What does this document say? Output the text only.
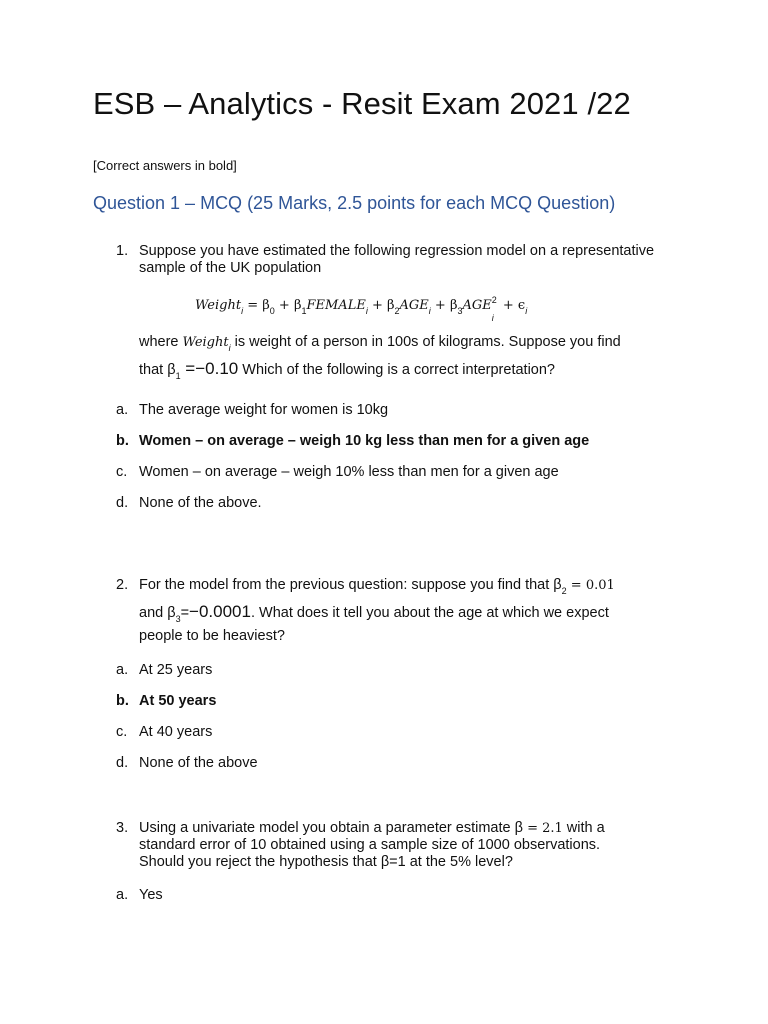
ESB – Analytics - Resit Exam 2021 /22
[Correct answers in bold]
Question 1 – MCQ (25 Marks, 2.5 points for each MCQ Question)
1. Suppose you have estimated the following regression model on a representative sample of the UK population
Weight$_i$ = $\beta_0$ + $\beta_1FEMALE_i + \beta_2AGE_i + \beta_3AGE$ 2
i
+ $\epsilon_i$
where Weight$_i$ is weight of a person in 100s of kilograms. Suppose you find
that $\beta_1 =-0.10$ Which of the following is a correct interpretation?
a. The average weight for women is 10kg
b. Women – on average – weigh 10 kg less than men for a given age
c. Women – on average – weigh 10% less than men for a given age
d. None of the above.
2. For the model from the previous question: suppose you find that $\beta_2 = 0.01$
and $\beta_3=-0.0001$. What does it tell you about the age at which we expect
people to be heaviest?
a. At 25 years
b. At 50 years
c. At 40 years
d. None of the above
3. Using a univariate model you obtain a parameter estimate β = 2.1 with a
standard error of 10 obtained using a sample size of 1000 observations.
Should you reject the hypothesis that β=1 at the 5% level?
a. Yes
